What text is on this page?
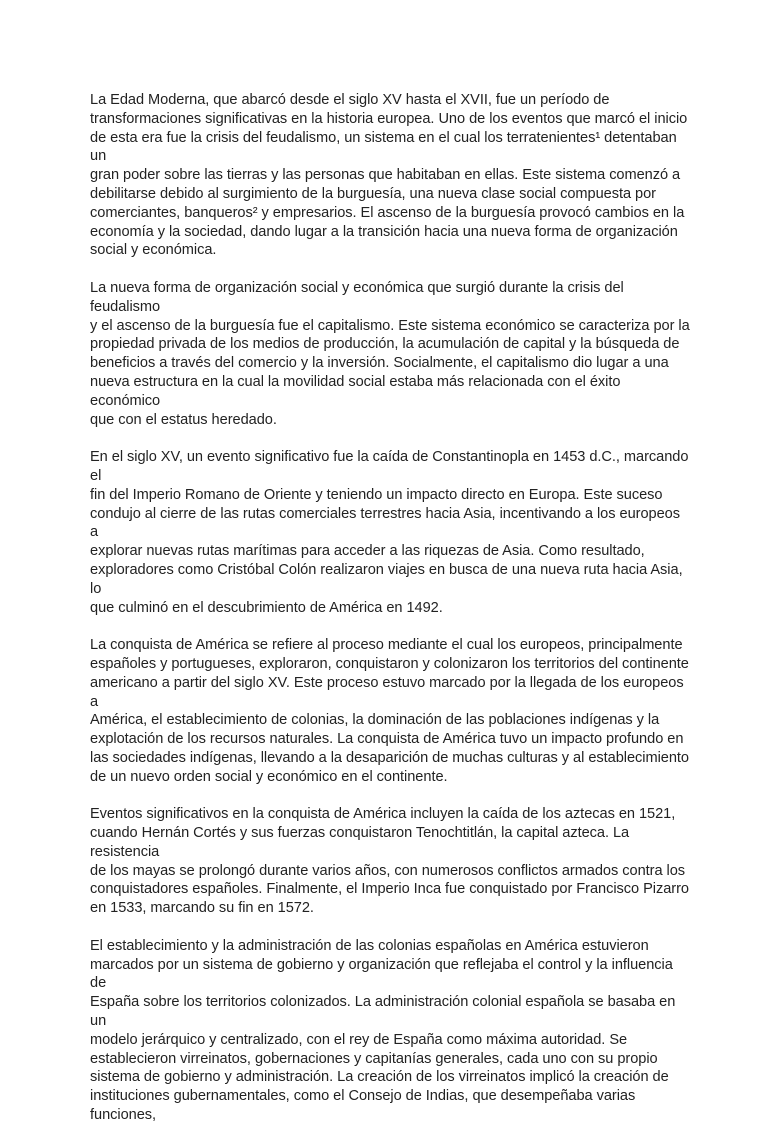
La Edad Moderna, que abarcó desde el siglo XV hasta el XVII, fue un período de
transformaciones significativas en la historia europea. Uno de los eventos que marcó el inicio
de esta era fue la crisis del feudalismo, un sistema en el cual los terratenientes¹ detentaban un
gran poder sobre las tierras y las personas que habitaban en ellas. Este sistema comenzó a
debilitarse debido al surgimiento de la burguesía, una nueva clase social compuesta por
comerciantes, banqueros² y empresarios. El ascenso de la burguesía provocó cambios en la
economía y la sociedad, dando lugar a la transición hacia una nueva forma de organización
social y económica.

La nueva forma de organización social y económica que surgió durante la crisis del feudalismo
y el ascenso de la burguesía fue el capitalismo. Este sistema económico se caracteriza por la
propiedad privada de los medios de producción, la acumulación de capital y la búsqueda de
beneficios a través del comercio y la inversión. Socialmente, el capitalismo dio lugar a una
nueva estructura en la cual la movilidad social estaba más relacionada con el éxito económico
que con el estatus heredado.

En el siglo XV, un evento significativo fue la caída de Constantinopla en 1453 d.C., marcando el
fin del Imperio Romano de Oriente y teniendo un impacto directo en Europa. Este suceso
condujo al cierre de las rutas comerciales terrestres hacia Asia, incentivando a los europeos a
explorar nuevas rutas marítimas para acceder a las riquezas de Asia. Como resultado,
exploradores como Cristóbal Colón realizaron viajes en busca de una nueva ruta hacia Asia, lo
que culminó en el descubrimiento de América en 1492.

La conquista de América se refiere al proceso mediante el cual los europeos, principalmente
españoles y portugueses, exploraron, conquistaron y colonizaron los territorios del continente
americano a partir del siglo XV. Este proceso estuvo marcado por la llegada de los europeos a
América, el establecimiento de colonias, la dominación de las poblaciones indígenas y la
explotación de los recursos naturales. La conquista de América tuvo un impacto profundo en
las sociedades indígenas, llevando a la desaparición de muchas culturas y al establecimiento
de un nuevo orden social y económico en el continente.

Eventos significativos en la conquista de América incluyen la caída de los aztecas en 1521,
cuando Hernán Cortés y sus fuerzas conquistaron Tenochtitlán, la capital azteca. La resistencia
de los mayas se prolongó durante varios años, con numerosos conflictos armados contra los
conquistadores españoles. Finalmente, el Imperio Inca fue conquistado por Francisco Pizarro
en 1533, marcando su fin en 1572.

El establecimiento y la administración de las colonias españolas en América estuvieron
marcados por un sistema de gobierno y organización que reflejaba el control y la influencia de
España sobre los territorios colonizados. La administración colonial española se basaba en un
modelo jerárquico y centralizado, con el rey de España como máxima autoridad. Se
establecieron virreinatos, gobernaciones y capitanías generales, cada uno con su propio
sistema de gobierno y administración. La creación de los virreinatos implicó la creación de
instituciones gubernamentales, como el Consejo de Indias, que desempeñaba varias funciones,
